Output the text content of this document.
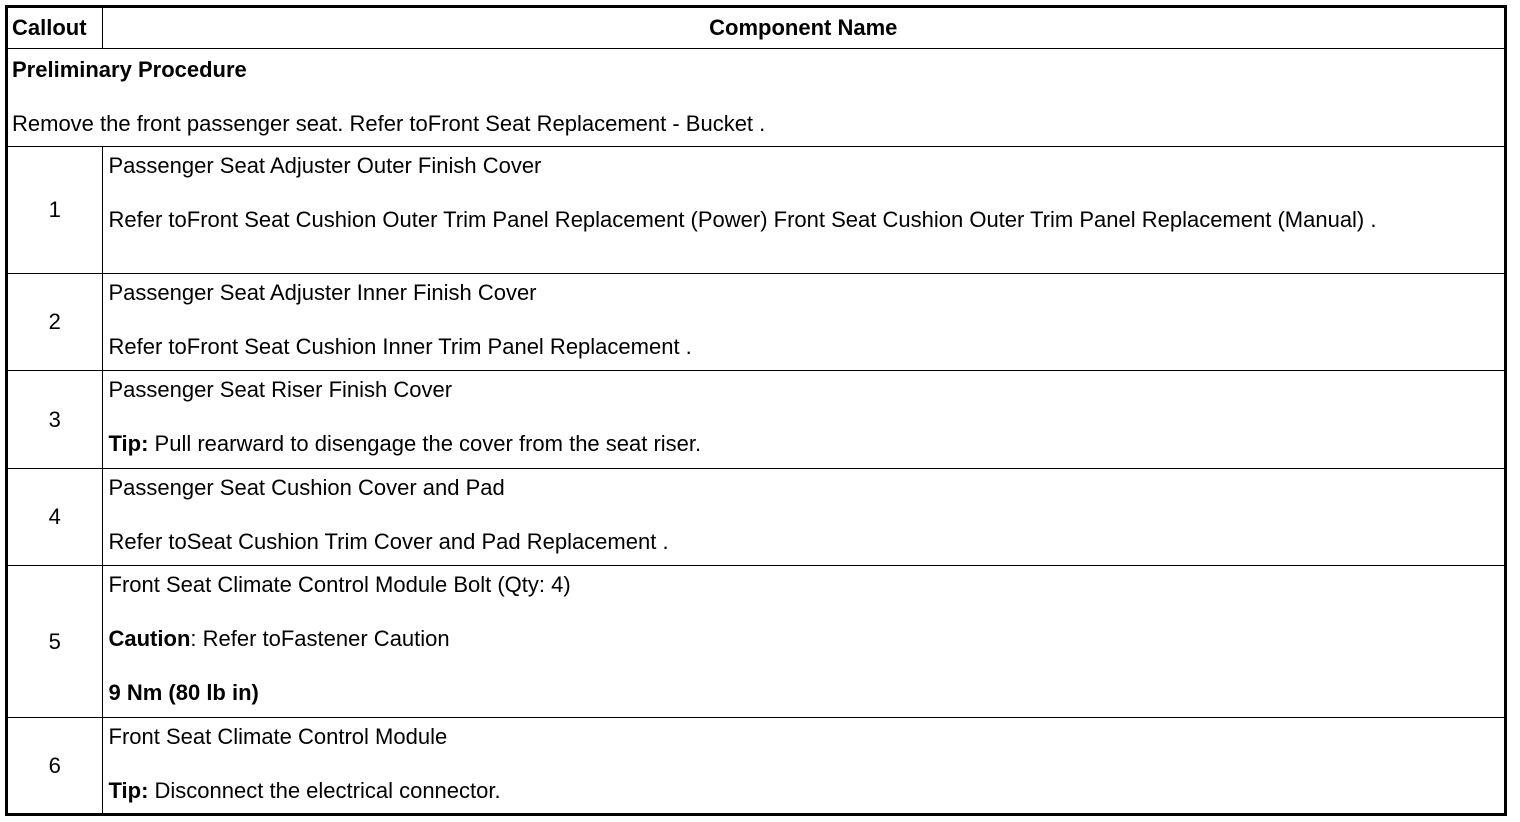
Callout	Component Name

Preliminary Procedure

Remove the front passenger seat. Refer toFront Seat Replacement - Bucket .	

1	Passenger Seat Adjuster Outer Finish Cover

Refer toFront Seat Cushion Outer Trim Panel Replacement (Power) Front Seat Cushion Outer Trim Panel Replacement (Manual) .

2	Passenger Seat Adjuster Inner Finish Cover

Refer toFront Seat Cushion Inner Trim Panel Replacement .

3	Passenger Seat Riser Finish Cover

Tip: Pull rearward to disengage the cover from the seat riser.

4	Passenger Seat Cushion Cover and Pad

Refer toSeat Cushion Trim Cover and Pad Replacement .

5	Front Seat Climate Control Module Bolt (Qty: 4)

Caution: Refer toFastener Caution

9 Nm (80 lb in)

6	Front Seat Climate Control Module

Tip: Disconnect the electrical connector.
